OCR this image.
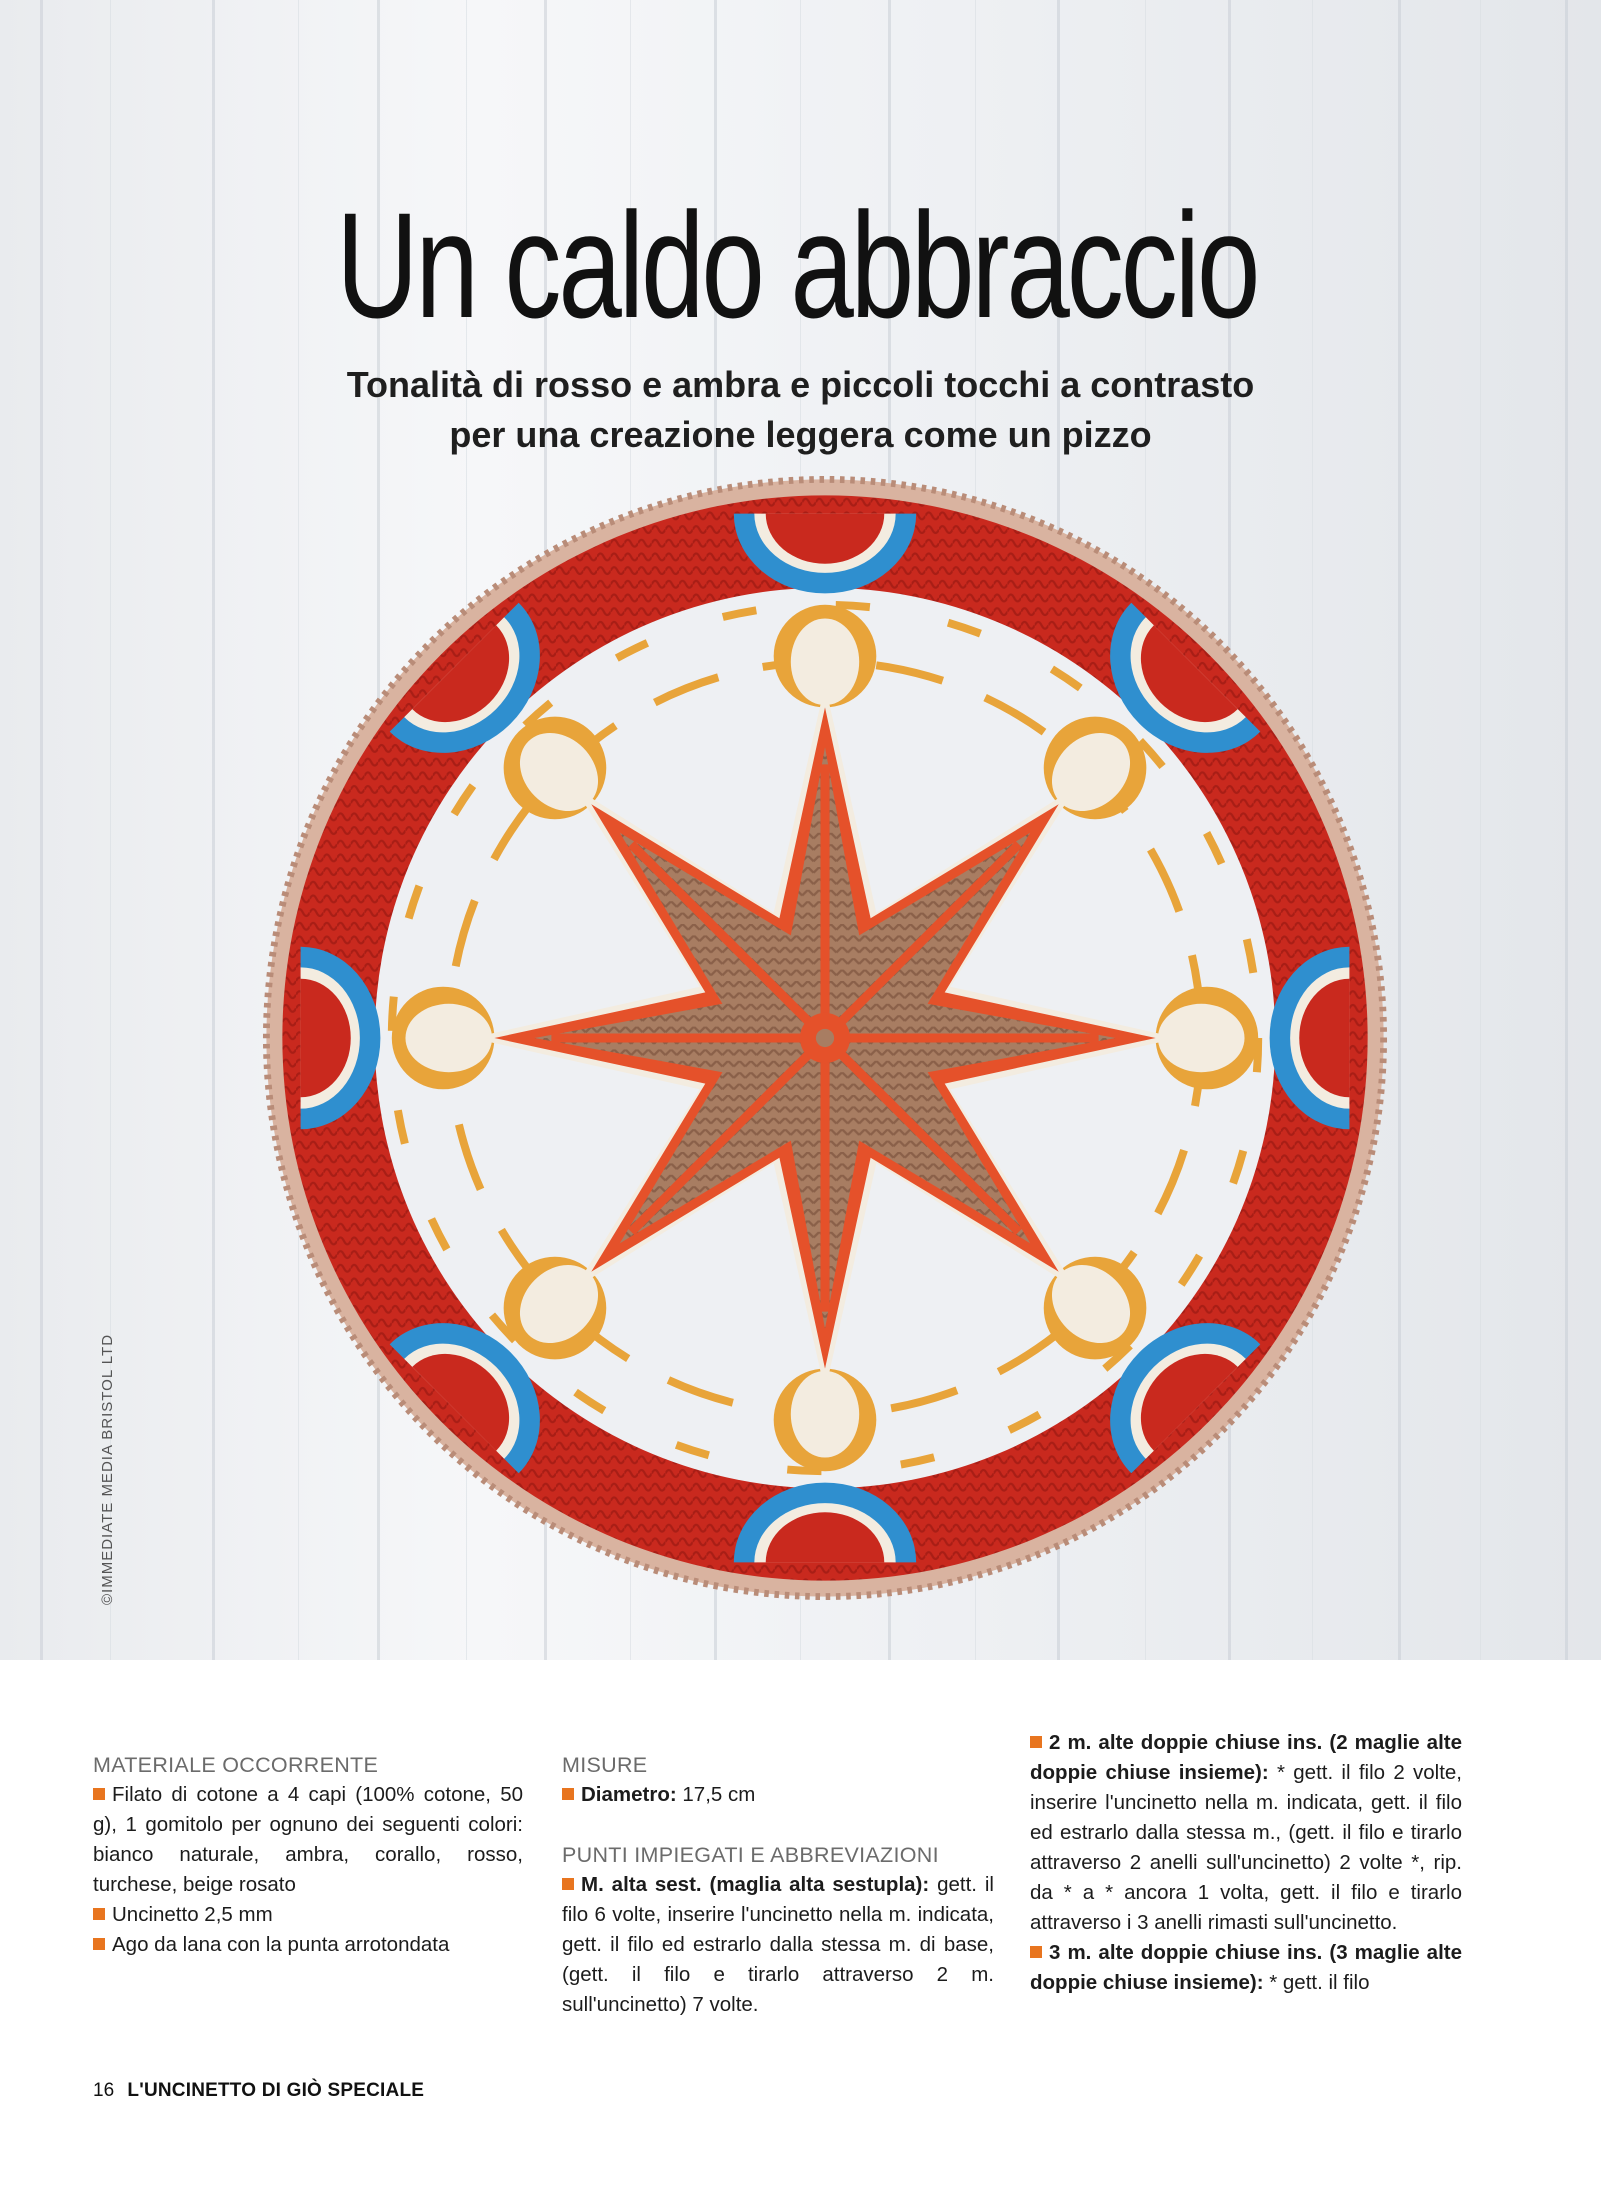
Un caldo abbraccio
Tonalità di rosso e ambra e piccoli tocchi a contrasto
per una creazione leggera come un pizzo
©IMMEDIATE MEDIA BRISTOL LTD
MATERIALE OCCORRENTE
Filato di cotone a 4 capi (100% cotone, 50 g), 1 gomitolo per ognuno dei seguenti colori: bianco naturale, ambra, corallo, rosso, turchese, beige rosato
Uncinetto 2,5 mm
Ago da lana con la punta arrotondata
MISURE
Diametro: 17,5 cm
PUNTI IMPIEGATI E ABBREVIAZIONI
M. alta sest. (maglia alta sestupla): gett. il filo 6 volte, inserire l'uncinetto nella m. indicata, gett. il filo ed estrarlo dalla stessa m. di base, (gett. il filo e tirarlo attraverso 2 m. sull'uncinetto) 7 volte.
2 m. alte doppie chiuse ins. (2 maglie alte doppie chiuse insieme): * gett. il filo 2 volte, inserire l'uncinetto nella m. indicata, gett. il filo ed estrarlo dalla stessa m., (gett. il filo e tirarlo attraverso 2 anelli sull'uncinetto) 2 volte *, rip. da * a * ancora 1 volta, gett. il filo e tirarlo attraverso i 3 anelli rimasti sull'uncinetto.
3 m. alte doppie chiuse ins. (3 maglie alte doppie chiuse insieme): * gett. il filo
16 L'UNCINETTO DI GIÒ SPECIALE
